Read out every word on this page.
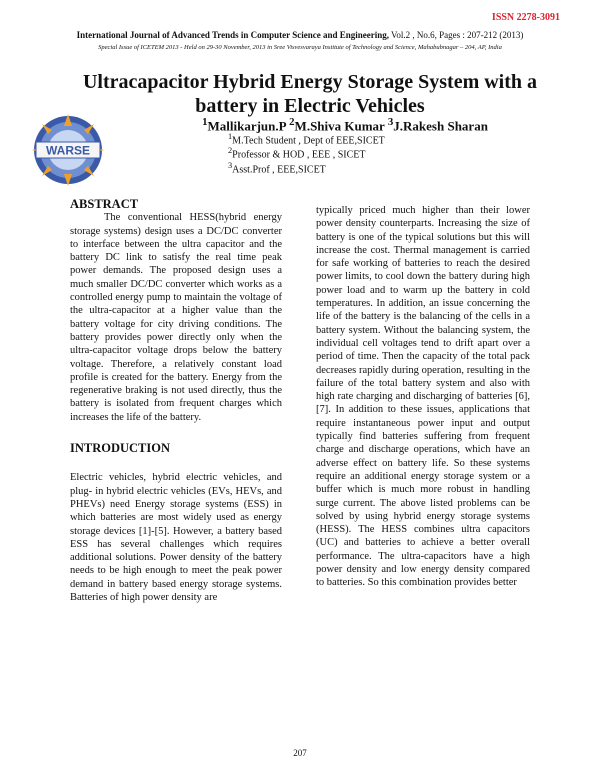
ISSN 2278-3091
International Journal of Advanced Trends in Computer Science and Engineering, Vol.2 , No.6, Pages : 207-212 (2013)
Special Issue of ICETEM 2013 - Held on 29-30 November, 2013 in Sree Visvesvaraya Institute of Technology and Science, Mahabubnagar – 204, AP, India
WARSE
Ultracapacitor Hybrid Energy Storage System with a battery in Electric Vehicles
$^1$Mallikarjun.P $^2$M.Shiva Kumar $^3$J.Rakesh Sharan
$^1$M.Tech Student , Dept of EEE,SICET
$^2$Professor & HOD , EEE , SICET
$^3$Asst.Prof , EEE,SICET
ABSTRACT

The conventional HESS(hybrid energy storage systems) design uses a DC/DC converter to interface between the ultra capacitor and the battery DC link to satisfy the real time peak power demands. The proposed design uses a much smaller DC/DC converter which works as a controlled energy pump to maintain the voltage of the ultra-capacitor at a higher value than the battery voltage for city driving conditions. The battery provides power directly only when the ultra-capacitor voltage drops below the battery voltage. Therefore, a relatively constant load profile is created for the battery. Energy from the regenerative braking is not used directly, thus the battery is isolated from frequent charges which increases the life of the battery.

INTRODUCTION

Electric vehicles, hybrid electric vehicles, and plug- in hybrid electric vehicles (EVs, HEVs, and PHEVs) need Energy storage systems (ESS) in which batteries are most widely used as energy storage devices [1]-[5]. However, a battery based ESS has several challenges which requires additional solutions. Power density of the battery needs to be high enough to meet the peak power demand in battery based energy storage systems. Batteries of high power density are

typically priced much higher than their lower power density counterparts. Increasing the size of battery is one of the typical solutions but this will increase the cost. Thermal management is carried for safe working of batteries to reach the desired power limits, to cool down the battery during high power load and to warm up the battery in cold temperatures. In addition, an issue concerning the life of the battery is the balancing of the cells in a battery system. Without the balancing system, the individual cell voltages tend to drift apart over a period of time. Then the capacity of the total pack decreases rapidly during operation, resulting in the failure of the total battery system and also with high rate charging and discharging of batteries [6],[7]. In addition to these issues, applications that require instantaneous power input and output typically find batteries suffering from frequent charge and discharge operations, which have an adverse effect on battery life. So these systems require an additional energy storage system or a buffer which is much more robust in handling surge current. The above listed problems can be solved by using hybrid energy storage systems (HESS). The HESS combines ultra capacitors (UC) and batteries to achieve a better overall performance. The ultra-capacitors have a high power density and low energy density compared to batteries. So this combination provides better

207
